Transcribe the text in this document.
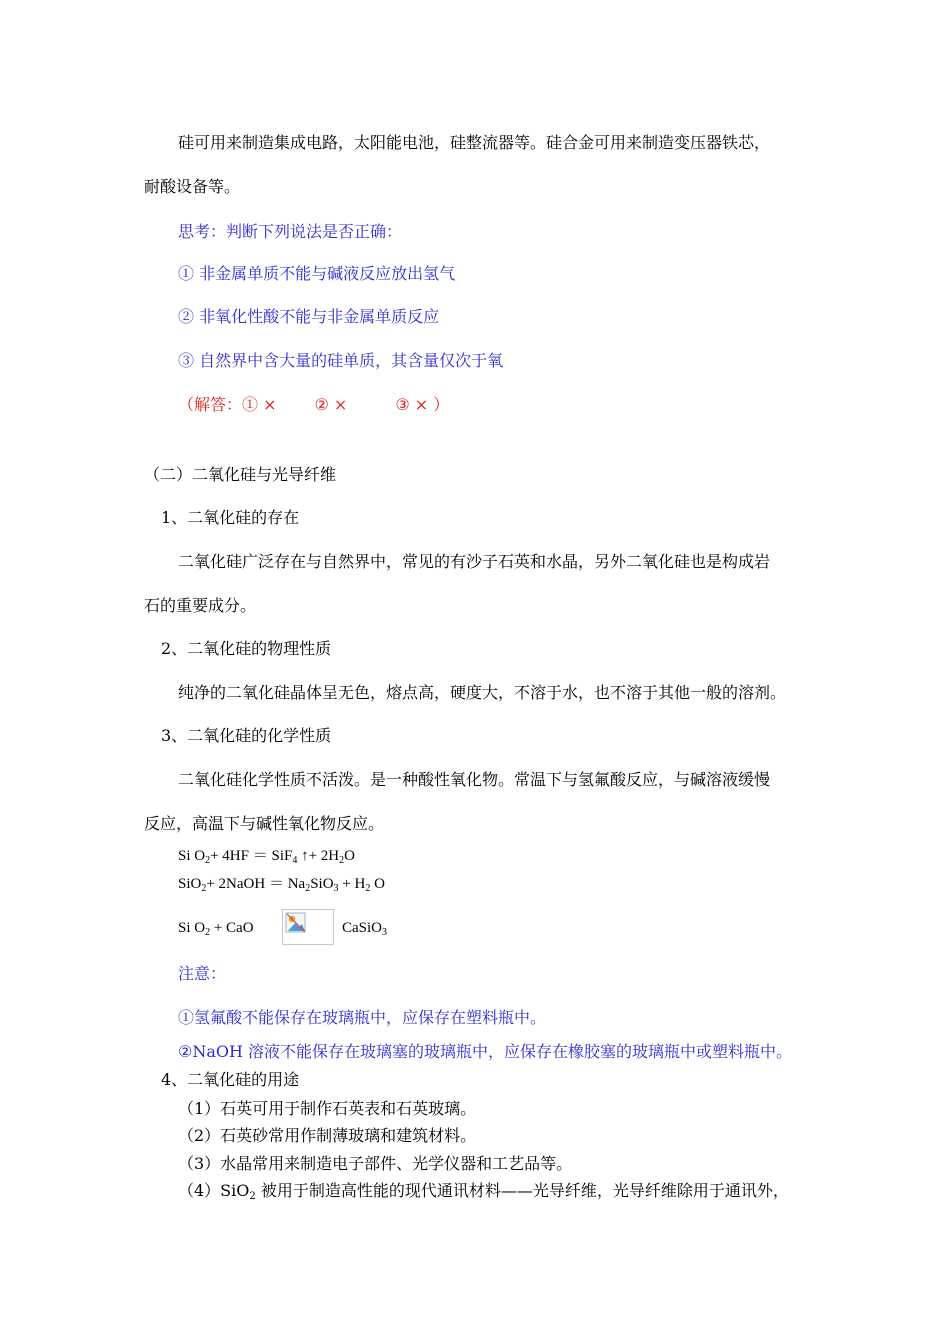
硅可用来制造集成电路，太阳能电池，硅整流器等。硅合金可用来制造变压器铁芯，
耐酸设备等。
思考：判断下列说法是否正确：
① 非金属单质不能与碱液反应放出氢气
② 非氧化性酸不能与非金属单质反应
③ 自然界中含大量的硅单质，其含量仅次于氧
（解答：① × ② ×	③ × ）
（二）二氧化硅与光导纤维
1、二氧化硅的存在
二氧化硅广泛存在与自然界中，常见的有沙子石英和水晶，另外二氧化硅也是构成岩
石的重要成分。
2、二氧化硅的物理性质
纯净的二氧化硅晶体呈无色，熔点高，硬度大，不溶于水，也不溶于其他一般的溶剂。
3、二氧化硅的化学性质
二氧化硅化学性质不活泼。是一种酸性氧化物。常温下与氢氟酸反应，与碱溶液缓慢
反应，高温下与碱性氧化物反应。
Si $O_2+ 4HF = SiF_4$ ↑+ $2H_2O$
SiO$_2$+ 2NaOH ＝ $Na_2SiO_3 + H_2$ O
Si $O_2$ + CaO	CaSiO$_3$
注意：
①氢氟酸不能保存在玻璃瓶中，应保存在塑料瓶中。
②NaOH 溶液不能保存在玻璃塞的玻璃瓶中，应保存在橡胶塞的玻璃瓶中或塑料瓶中。
4、二氧化硅的用途
（1）石英可用于制作石英表和石英玻璃。
（2）石英砂常用作制薄玻璃和建筑材料。
（3）水晶常用来制造电子部件、光学仪器和工艺品等。
（4）SiO$_2$ 被用于制造高性能的现代通讯材料——光导纤维，光导纤维除用于通讯外，
